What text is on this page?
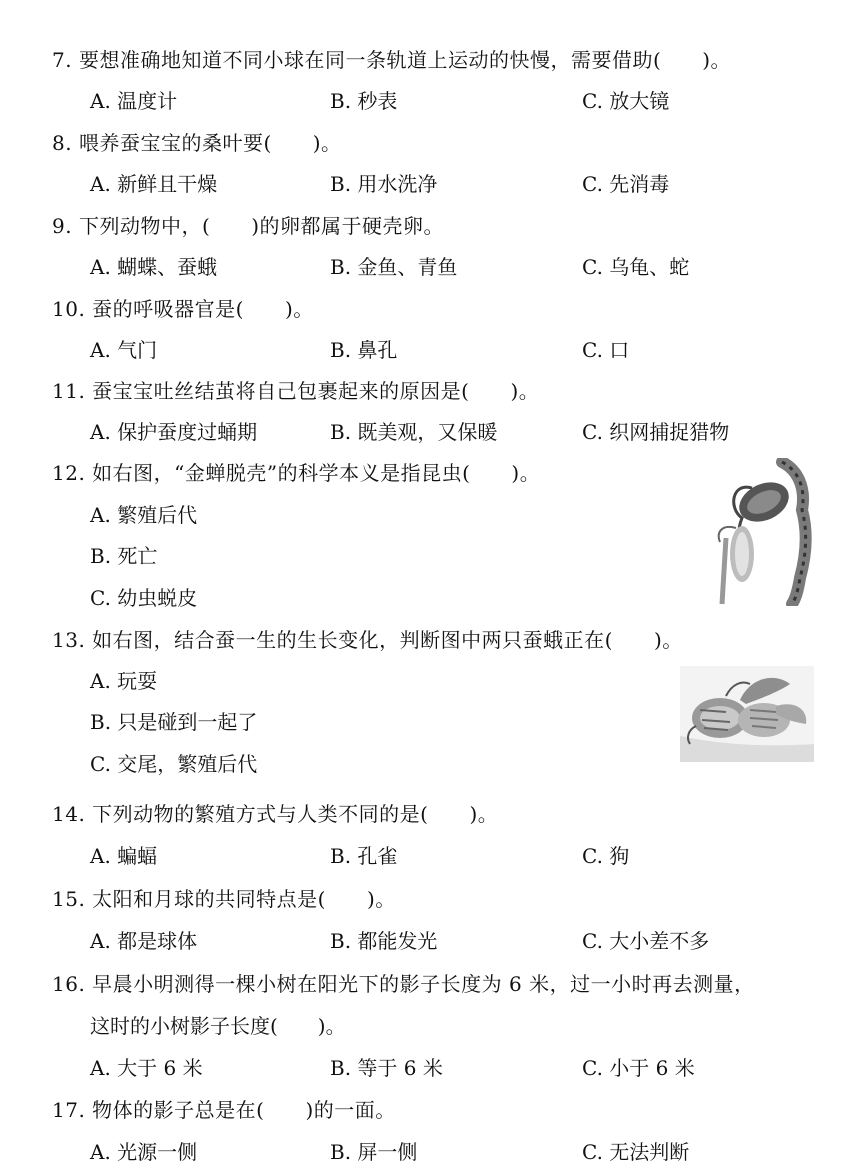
7. 要想准确地知道不同小球在同一条轨道上运动的快慢，需要借助(　　)。
A. 温度计	B. 秒表	C. 放大镜
8. 喂养蚕宝宝的桑叶要(　　)。
A. 新鲜且干燥	B. 用水洗净	C. 先消毒
9. 下列动物中，(　　)的卵都属于硬壳卵。
A. 蝴蝶、蚕蛾	B. 金鱼、青鱼	C. 乌龟、蛇
10. 蚕的呼吸器官是(　　)。
A. 气门	B. 鼻孔	C. 口
11. 蚕宝宝吐丝结茧将自己包裹起来的原因是(　　)。
A. 保护蚕度过蛹期	B. 既美观，又保暖	C. 织网捕捉猎物
12. 如右图，“金蝉脱壳”的科学本义是指昆虫(　　)。
A. 繁殖后代
B. 死亡
C. 幼虫蜕皮
13. 如右图，结合蚕一生的生长变化，判断图中两只蚕蛾正在(　　)。
A. 玩耍
B. 只是碰到一起了
C. 交尾，繁殖后代
14. 下列动物的繁殖方式与人类不同的是(　　)。
A. 蝙蝠	B. 孔雀	C. 狗
15. 太阳和月球的共同特点是(　　)。
A. 都是球体	B. 都能发光	C. 大小差不多
16. 早晨小明测得一棵小树在阳光下的影子长度为 6 米，过一小时再去测量，
这时的小树影子长度(　　)。
A. 大于 6 米	B. 等于 6 米	C. 小于 6 米
17. 物体的影子总是在(　　)的一面。
A. 光源一侧	B. 屏一侧	C. 无法判断
